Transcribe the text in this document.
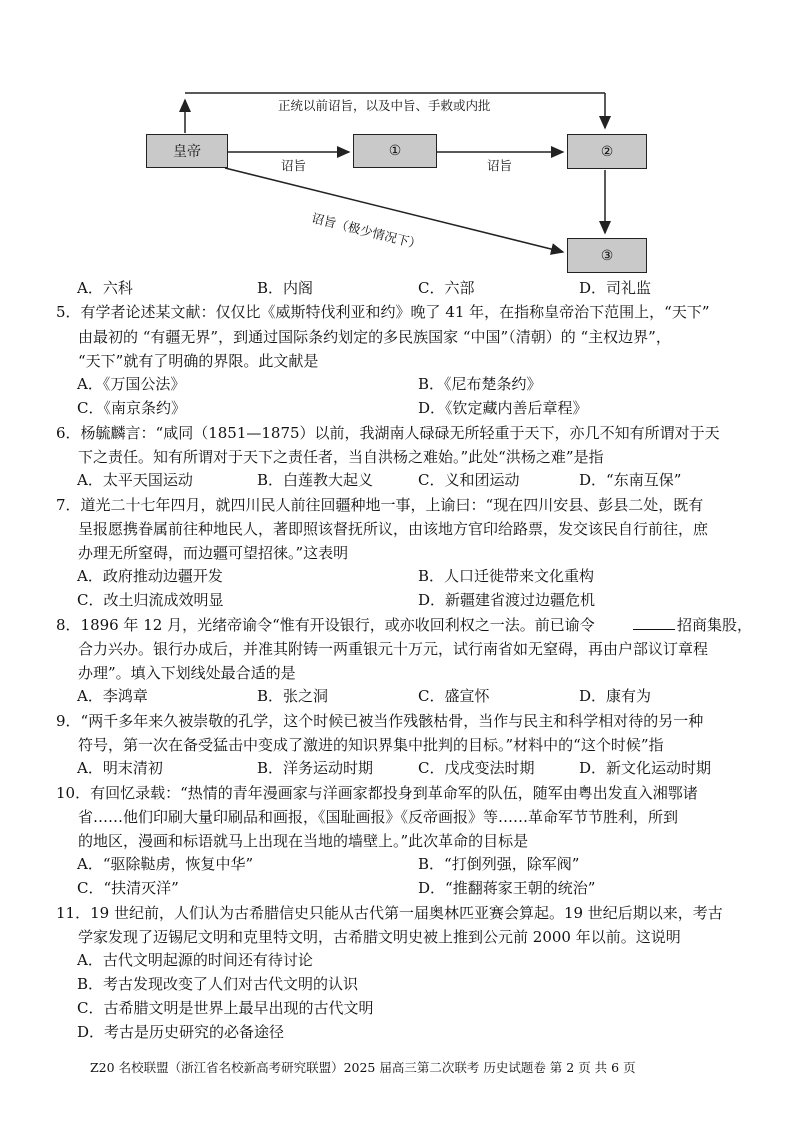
皇帝	①	②
③
正统以前诏旨，以及中旨、手敕或内批
诏旨	诏旨
诏旨（极少情况下）
A．六科	B．内阁	C．六部	D．司礼监
5．有学者论述某文献：仅仅比《威斯特伐利亚和约》晚了 41 年，在指称皇帝治下范围上，“天下”
由最初的 “有疆无界”，到通过国际条约划定的多民族国家 “中国”（清朝）的 “主权边界”，
“天下”就有了明确的界限。此文献是
A．《万国公法》	B．《尼布楚条约》
C．《南京条约》	D．《钦定藏内善后章程》
6．杨毓麟言：“咸同（1851—1875）以前，我湖南人碌碌无所轻重于天下，亦几不知有所谓对于天
下之责任。知有所谓对于天下之责任者，当自洪杨之难始。”此处“洪杨之难”是指
A．太平天国运动	B．白莲教大起义	C．义和团运动	D．“东南互保”
7．道光二十七年四月，就四川民人前往回疆种地一事，上谕曰：“现在四川安县、彭县二处，既有
呈报愿携眷属前往种地民人，著即照该督抚所议，由该地方官印给路票，发交该民自行前往，庶
办理无所窒碍，而边疆可望招徕。”这表明
A．政府推动边疆开发	B．人口迁徙带来文化重构
C．改土归流成效明显	D．新疆建省渡过边疆危机
8．1896 年 12 月，光绪帝谕令“惟有开设银行，或亦收回利权之一法。前已谕令	招商集股，
合力兴办。银行办成后，并准其附铸一两重银元十万元，试行南省如无窒碍，再由户部议订章程
办理”。填入下划线处最合适的是
A．李鸿章	B．张之洞	C．盛宣怀	D．康有为
9．“两千多年来久被崇敬的孔学，这个时候已被当作残骸枯骨，当作与民主和科学相对待的另一种
符号，第一次在备受猛击中变成了激进的知识界集中批判的目标。”材料中的“这个时候”指
A．明末清初	B．洋务运动时期	C．戊戌变法时期	D．新文化运动时期
10．有回忆录载：“热情的青年漫画家与洋画家都投身到革命军的队伍，随军由粤出发直入湘鄂诸
省……他们印刷大量印刷品和画报，《国耻画报》《反帝画报》等……革命军节节胜利，所到
的地区，漫画和标语就马上出现在当地的墙壁上。”此次革命的目标是
A．“驱除鞑虏，恢复中华”	B．“打倒列强，除军阀”
C．“扶清灭洋”	D．“推翻蒋家王朝的统治”
11．19 世纪前，人们认为古希腊信史只能从古代第一届奥林匹亚赛会算起。19 世纪后期以来，考古
学家发现了迈锡尼文明和克里特文明，古希腊文明史被上推到公元前 2000 年以前。这说明
A．古代文明起源的时间还有待讨论
B．考古发现改变了人们对古代文明的认识
C．古希腊文明是世界上最早出现的古代文明
D．考古是历史研究的必备途径
Z20 名校联盟（浙江省名校新高考研究联盟）2025 届高三第二次联考 历史试题卷 第 2 页 共 6 页
